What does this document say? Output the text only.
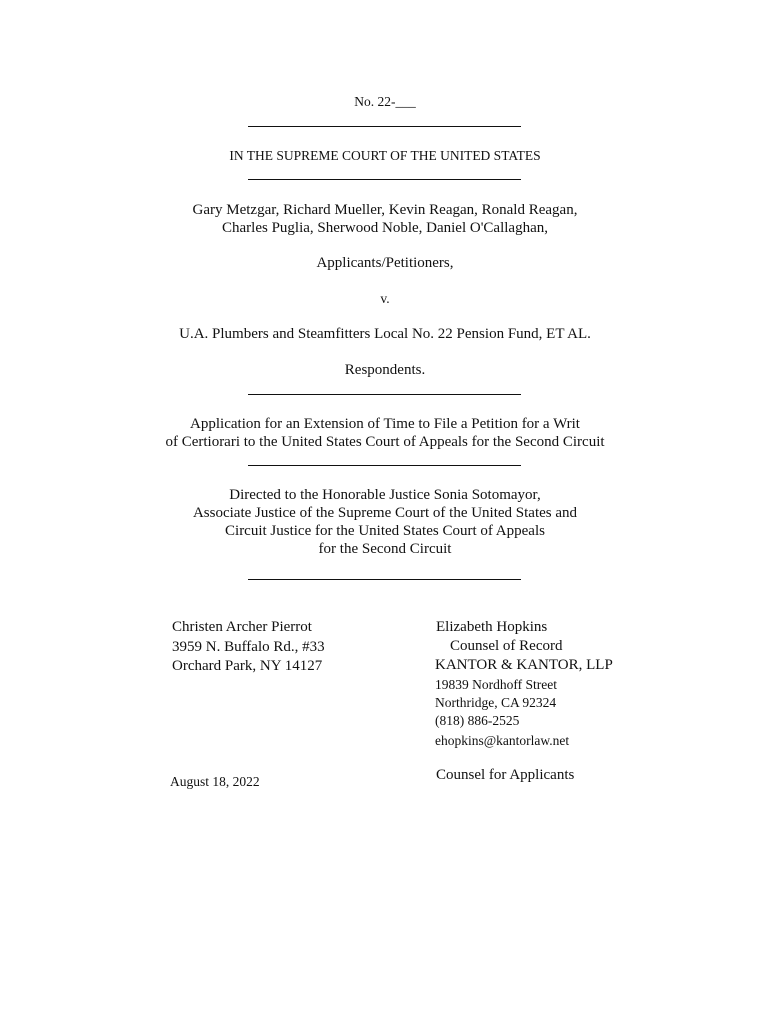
No. 22-___
IN THE SUPREME COURT OF THE UNITED STATES
Gary Metzgar, Richard Mueller, Kevin Reagan, Ronald Reagan,
Charles Puglia, Sherwood Noble, Daniel O'Callaghan,
Applicants/Petitioners,
v.
U.A. Plumbers and Steamfitters Local No. 22 Pension Fund, ET AL.
Respondents.
Application for an Extension of Time to File a Petition for a Writ
of Certiorari to the United States Court of Appeals for the Second Circuit
Directed to the Honorable Justice Sonia Sotomayor,
Associate Justice of the Supreme Court of the United States and
Circuit Justice for the United States Court of Appeals
for the Second Circuit
Christen Archer Pierrot
3959 N. Buffalo Rd., #33
Orchard Park, NY 14127
Elizabeth Hopkins
Counsel of Record
KANTOR & KANTOR, LLP
19839 Nordhoff Street
Northridge, CA 92324
(818) 886-2525
ehopkins@kantorlaw.net
Counsel for Applicants
August 18, 2022
